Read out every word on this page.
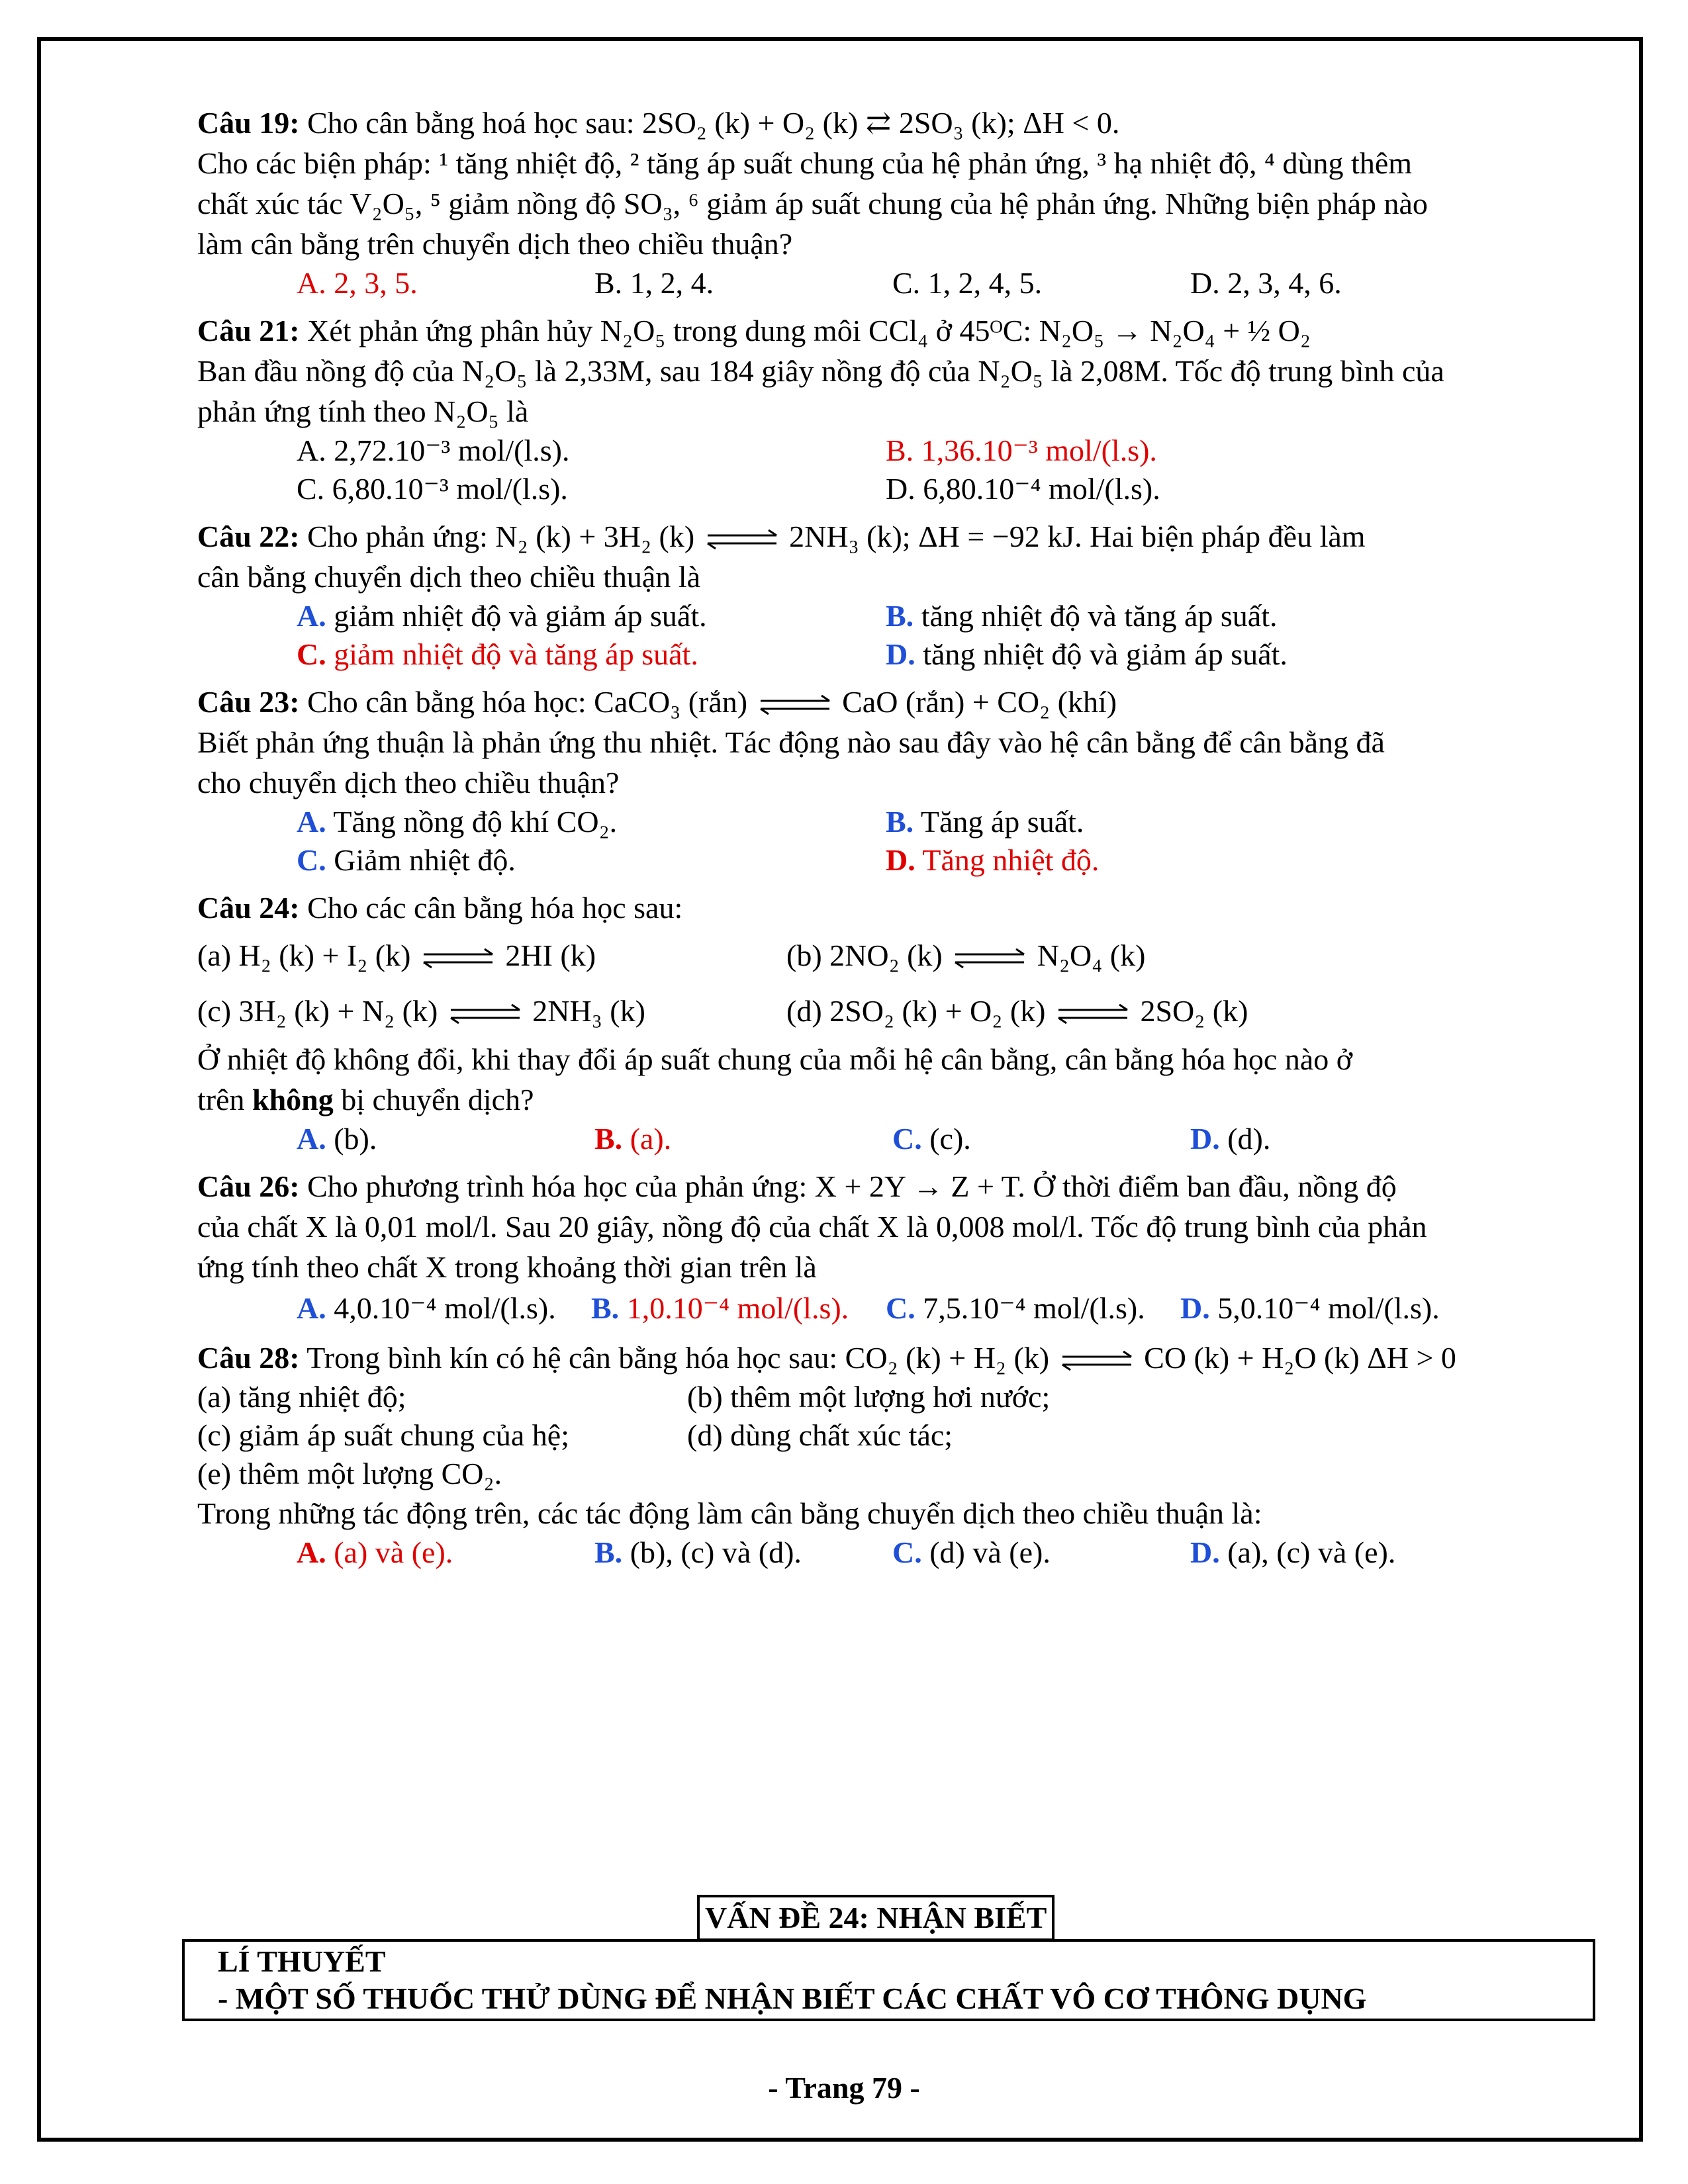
Câu 19: Cho cân bằng hoá học sau: 2SO₂ (k) + O₂ (k) ⇄ 2SO₃ (k); ΔH < 0.
Cho các biện pháp: ¹ tăng nhiệt độ, ² tăng áp suất chung của hệ phản ứng, ³ hạ nhiệt độ, ⁴ dùng thêm
chất xúc tác V₂O₅, ⁵ giảm nồng độ SO₃, ⁶ giảm áp suất chung của hệ phản ứng. Những biện pháp nào
làm cân bằng trên chuyển dịch theo chiều thuận?
A. 2, 3, 5.	B. 1, 2, 4.	C. 1, 2, 4, 5.	D. 2, 3, 4, 6.
Câu 21: Xét phản ứng phân hủy N₂O₅ trong dung môi CCl₄ ở 45ᴼC: N₂O₅ → N₂O₄ + ½ O₂
Ban đầu nồng độ của N₂O₅ là 2,33M, sau 184 giây nồng độ của N₂O₅ là 2,08M. Tốc độ trung bình của
phản ứng tính theo N₂O₅ là
A. 2,72.10⁻³ mol/(l.s).	B. 1,36.10⁻³ mol/(l.s).
C. 6,80.10⁻³ mol/(l.s).	D. 6,80.10⁻⁴ mol/(l.s).
Câu 22: Cho phản ứng: N₂ (k) + 3H₂ (k) ⇌ 2NH₃ (k); ΔH = −92 kJ. Hai biện pháp đều làm
cân bằng chuyển dịch theo chiều thuận là
A. giảm nhiệt độ và giảm áp suất.	B. tăng nhiệt độ và tăng áp suất.
C. giảm nhiệt độ và tăng áp suất.	D. tăng nhiệt độ và giảm áp suất.
Câu 23: Cho cân bằng hóa học: CaCO₃ (rắn) ⇌ CaO (rắn) + CO₂ (khí)
Biết phản ứng thuận là phản ứng thu nhiệt. Tác động nào sau đây vào hệ cân bằng để cân bằng đã
cho chuyển dịch theo chiều thuận?
A. Tăng nồng độ khí CO₂.	B. Tăng áp suất.
C. Giảm nhiệt độ.	D. Tăng nhiệt độ.
Câu 24: Cho các cân bằng hóa học sau:
(a) H₂ (k) + I₂ (k) ⇌ 2HI (k)	(b) 2NO₂ (k) ⇌ N₂O₄ (k)
(c) 3H₂ (k) + N₂ (k) ⇌ 2NH₃ (k)	(d) 2SO₂ (k) + O₂ (k) ⇌ 2SO₂ (k)
Ở nhiệt độ không đổi, khi thay đổi áp suất chung của mỗi hệ cân bằng, cân bằng hóa học nào ở
trên không bị chuyển dịch?
A. (b).	B. (a).	C. (c).	D. (d).
Câu 26: Cho phương trình hóa học của phản ứng: X + 2Y → Z + T. Ở thời điểm ban đầu, nồng độ
của chất X là 0,01 mol/l. Sau 20 giây, nồng độ của chất X là 0,008 mol/l. Tốc độ trung bình của phản
ứng tính theo chất X trong khoảng thời gian trên là
A. 4,0.10⁻⁴ mol/(l.s).	B. 1,0.10⁻⁴ mol/(l.s).	C. 7,5.10⁻⁴ mol/(l.s).	D. 5,0.10⁻⁴ mol/(l.s).
Câu 28: Trong bình kín có hệ cân bằng hóa học sau: CO₂ (k) + H₂ (k) ⇌ CO (k) + H₂O (k) ΔH > 0
(a) tăng nhiệt độ;	(b) thêm một lượng hơi nước;
(c) giảm áp suất chung của hệ;	(d) dùng chất xúc tác;
(e) thêm một lượng CO₂.
Trong những tác động trên, các tác động làm cân bằng chuyển dịch theo chiều thuận là:
A. (a) và (e).	B. (b), (c) và (d).	C. (d) và (e).	D. (a), (c) và (e).
VẤN ĐỀ 24: NHẬN BIẾT
LÍ THUYẾT
- MỘT SỐ THUỐC THỬ DÙNG ĐỂ NHẬN BIẾT CÁC CHẤT VÔ CƠ THÔNG DỤNG
- Trang 79 -
